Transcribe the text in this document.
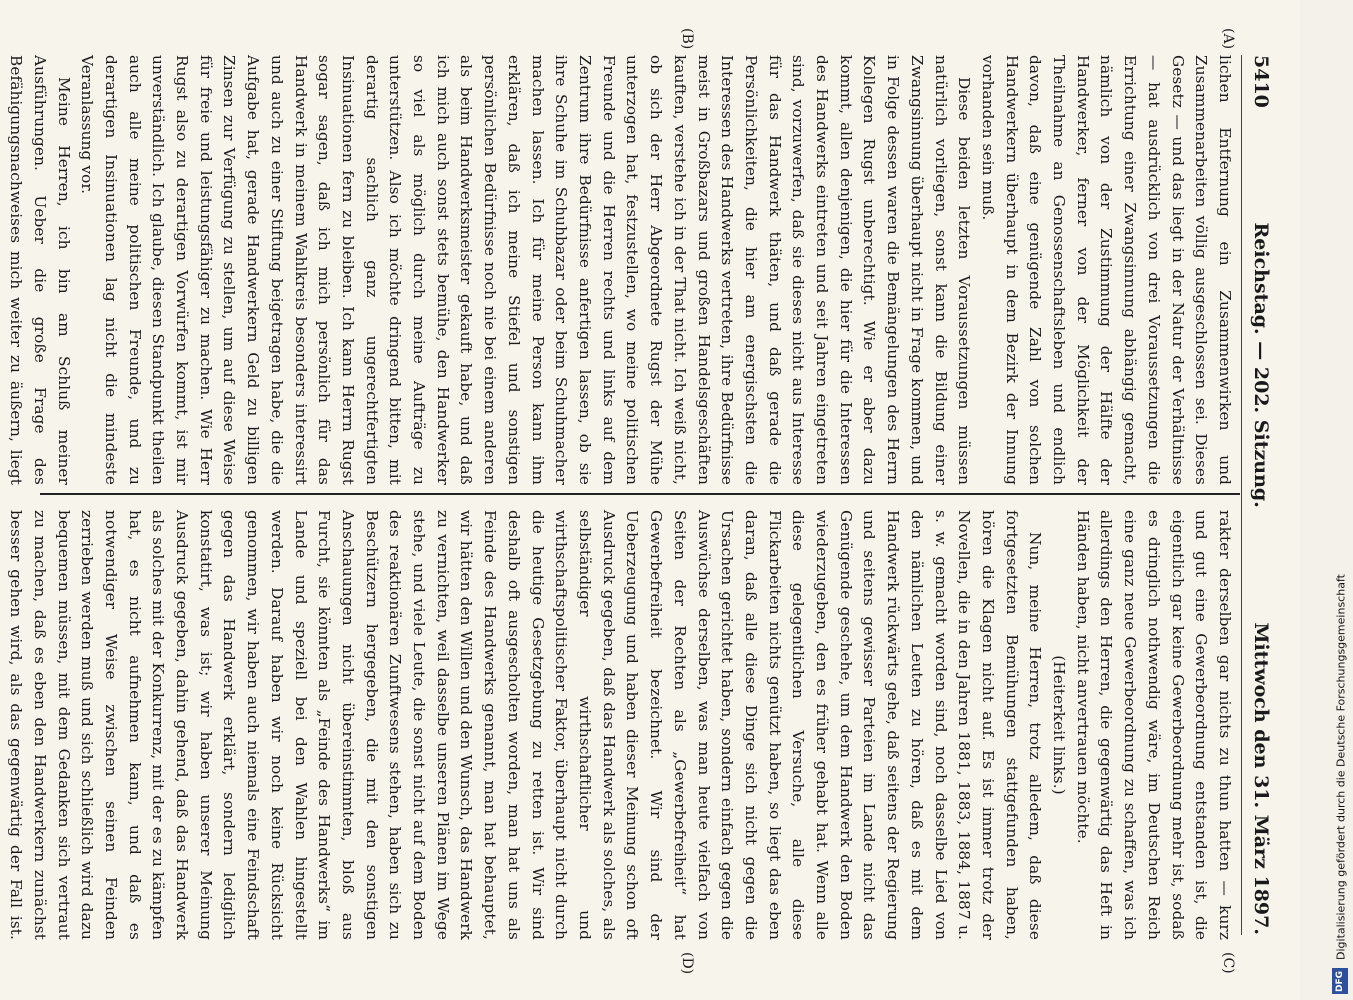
5410
Reichstag. — 202. Sitzung.
Mittwoch den 31. März 1897.
(A)
(B)
(C)
(D)

lichen Entfernung ein Zusammenwirken und Zusammenarbeiten völlig ausgeschlossen sei. Dieses Gesetz — und das liegt in der Natur der Verhältnisse — hat ausdrücklich von drei Voraussetzungen die Errichtung einer Zwangsinnung abhängig gemacht, nämlich von der Zustimmung der Hälfte der Handwerker, ferner von der Möglichkeit der Theilnahme an Genossenschaftsleben und endlich davon, daß eine genügende Zahl von solchen Handwerkern überhaupt in dem Bezirk der Innung vorhanden sein muß.

Diese beiden letzten Voraussetzungen müssen natürlich vorliegen, sonst kann die Bildung einer Zwangsinnung überhaupt nicht in Frage kommen, und in Folge dessen waren die Bemängelungen des Herrn Kollegen Rugst unberechtigt. Wie er aber dazu kommt, allen denjenigen, die hier für die Interessen des Handwerks eintreten und seit Jahren eingetreten sind, vorzuwerfen, daß sie dieses nicht aus Interesse für das Handwerk thäten, und daß gerade die Persönlichkeiten, die hier am energischsten die Interessen des Handwerks vertreten, ihre Bedürfnisse meist in Großbazars und großen Handelsgeschäften kauften, verstehe ich in der That nicht. Ich weiß nicht, ob sich der Herr Abgeordnete Rugst der Mühe unterzogen hat, festzustellen, wo meine politischen Freunde und die Herren rechts und links auf dem Zentrum ihre Bedürfnisse anfertigen lassen, ob sie ihre Schuhe im Schuhbazar oder beim Schuhmacher machen lassen. Ich für meine Person kann ihm erklären, daß ich meine Stiefel und sonstigen persönlichen Bedürfnisse noch nie bei einem anderen als beim Handwerksmeister gekauft habe, und daß ich mich auch sonst stets bemühe, den Handwerker so viel als möglich durch meine Aufträge zu unterstützen. Also ich möchte dringend bitten, mit derartig sachlich ganz ungerechtfertigten Insinuationen fern zu bleiben. Ich kann Herrn Rugst sogar sagen, daß ich mich persönlich für das Handwerk in meinem Wahlkreis besonders interessirt und auch zu einer Stiftung beigetragen habe, die die Aufgabe hat, gerade Handwerkern Geld zu billigen Zinsen zur Verfügung zu stellen, um auf diese Weise für freie und leistungsfähiger zu machen. Wie Herr Rugst also zu derartigen Vorwürfen kommt, ist mir unverständlich. Ich glaube, diesen Standpunkt theilen auch alle meine politischen Freunde, und zu derartigen Insinuationen lag nicht die mindeste Veranlassung vor.

Meine Herren, ich bin am Schluß meiner Ausführungen. Ueber die große Frage des Befähigungsnachweises mich weiter zu äußern, liegt

rakter derselben gar nichts zu thun hatten — kurz und gut eine Gewerbeordnung entstanden ist, die eigentlich gar keine Gewerbeordnung mehr ist, sodaß es dringlich nothwendig wäre, im Deutschen Reich eine ganz neue Gewerbeordnung zu schaffen, was ich allerdings den Herren, die gegenwärtig das Heft in Händen haben, nicht anvertrauen möchte.

(Heiterkeit links.)

Nun, meine Herren, trotz alledem, daß diese fortgesetzten Bemühungen stattgefunden haben, hören die Klagen nicht auf. Es ist immer trotz der Novellen, die in den Jahren 1881, 1883, 1884, 1887 u. s. w. gemacht worden sind, noch dasselbe Lied von den nämlichen Leuten zu hören, daß es mit dem Handwerk rückwärts gehe, daß seitens der Regierung und seitens gewisser Parteien im Lande nicht das Genügende geschehe, um dem Handwerk den Boden wiederzugeben, den es früher gehabt hat. Wenn alle diese gelegentlichen Versuche, alle diese Flickarbeiten nichts genützt haben, so liegt das eben daran, daß alle diese Dinge sich nicht gegen die Ursachen gerichtet haben, sondern einfach gegen die Auswüchse derselben, was man heute vielfach von Seiten der Rechten als „Gewerbefreiheit“ hat Gewerbefreiheit bezeichnet. Wir sind der Ueberzeugung und haben dieser Meinung schon oft Ausdruck gegeben, daß das Handwerk als solches, als selbständiger wirthschaftlicher und wirthschaftspolitischer Faktor, überhaupt nicht durch die heutige Gesetzgebung zu retten ist. Wir sind deshalb oft ausgescholten worden, man hat uns als Feinde des Handwerks genannt, man hat behauptet, wir hätten den Willen und den Wunsch, das Handwerk zu vernichten, weil dasselbe unseren Plänen im Wege stehe, und viele Leute, die sonst nicht auf dem Boden des reaktionären Zunftwesens stehen, haben sich zu Beschützern hergegeben, die mit den sonstigen Anschauungen nicht übereinstimmten, bloß aus Furcht, sie könnten als „Feinde des Handwerks“ im Lande und speziell bei den Wahlen hingestellt werden. Darauf haben wir noch keine Rücksicht genommen, wir haben auch niemals eine Feindschaft gegen das Handwerk erklärt, sondern lediglich konstatirt, was ist; wir haben unserer Meinung Ausdruck gegeben, dahin gehend, daß das Handwerk als solches mit der Konkurrenz, mit der es zu kämpfen hat, es nicht aufnehmen kann, und daß es notwendiger Weise zwischen seinen Feinden zerrieben werden muß und sich schließlich wird dazu bequemen müssen, mit dem Gedanken sich vertraut zu machen, daß es eben den Handwerkern zunächst besser gehen wird, als das gegenwärtig der Fall ist.	Digitalisierung gefördert durch die Deutsche Forschungsgemeinschaft
DFG
